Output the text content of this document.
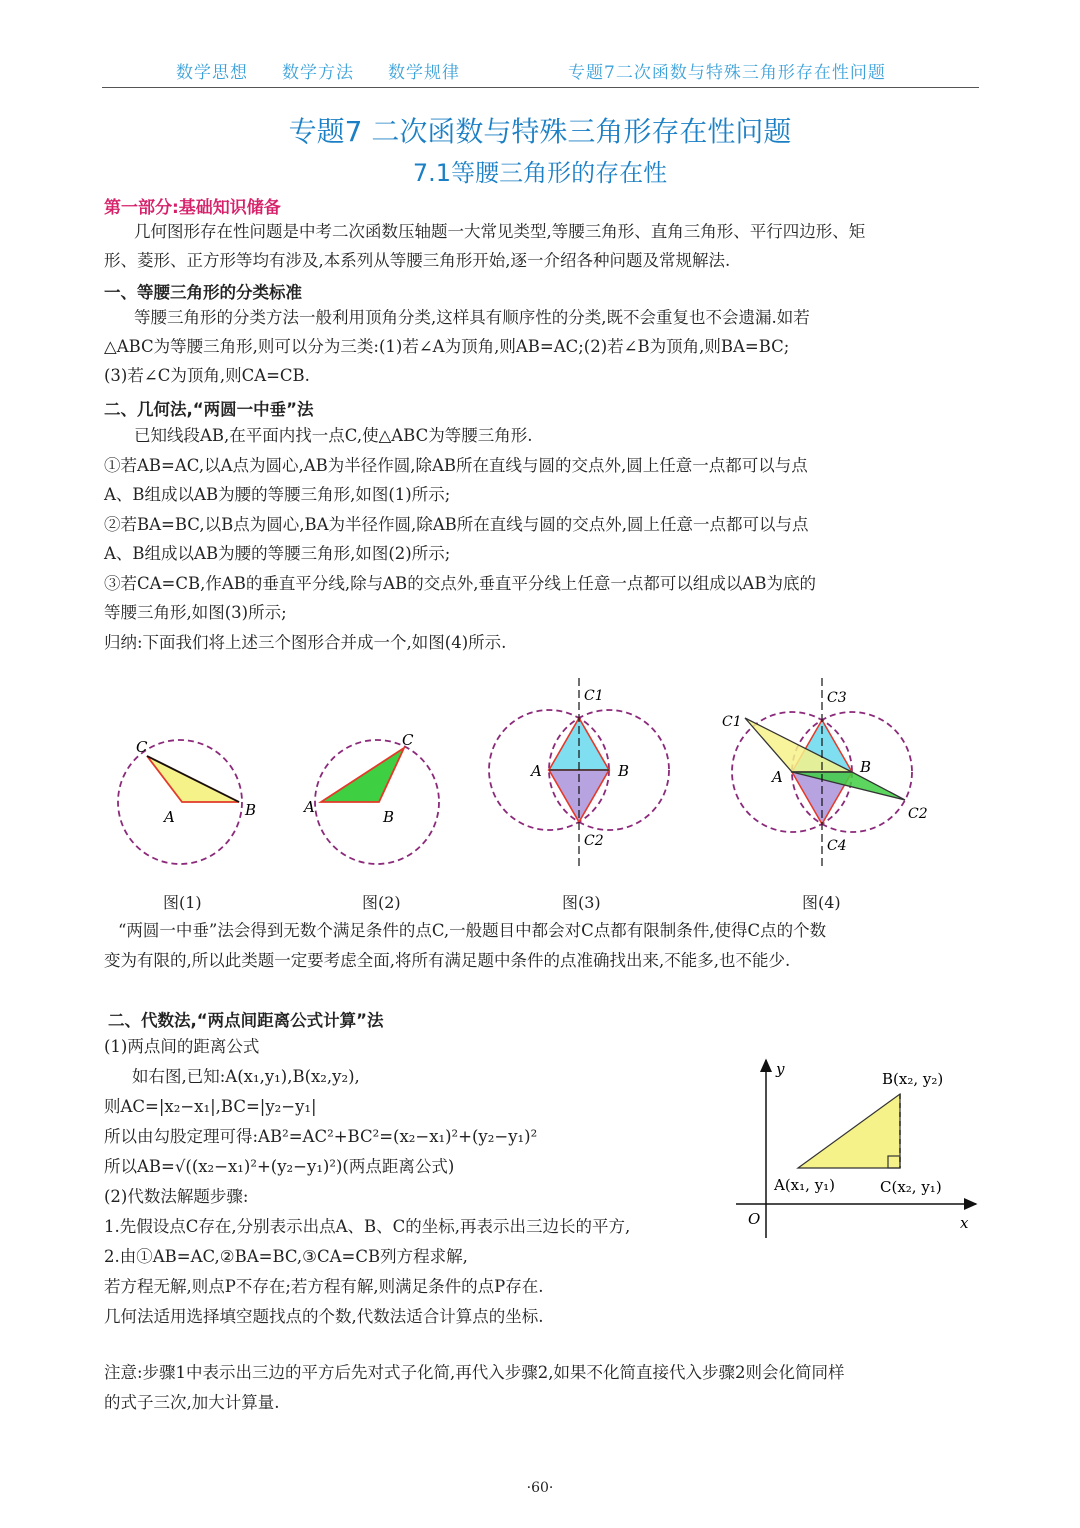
数学思想 数学方法 数学规律	专题7二次函数与特殊三角形存在性问题
专题7 二次函数与特殊三角形存在性问题
7.1等腰三角形的存在性
第一部分:基础知识储备
几何图形存在性问题是中考二次函数压轴题一大常见类型,等腰三角形、直角三角形、平行四边形、矩
形、菱形、正方形等均有涉及,本系列从等腰三角形开始,逐一介绍各种问题及常规解法.
一、等腰三角形的分类标准
等腰三角形的分类方法一般利用顶角分类,这样具有顺序性的分类,既不会重复也不会遗漏.如若
△ABC为等腰三角形,则可以分为三类:(1)若∠A为顶角,则AB=AC;(2)若∠B为顶角,则BA=BC;
(3)若∠C为顶角,则CA=CB.
二、几何法,“两圆一中垂”法
已知线段AB,在平面内找一点C,使△ABC为等腰三角形.
①若AB=AC,以A点为圆心,AB为半径作圆,除AB所在直线与圆的交点外,圆上任意一点都可以与点
A、B组成以AB为腰的等腰三角形,如图(1)所示;
②若BA=BC,以B点为圆心,BA为半径作圆,除AB所在直线与圆的交点外,圆上任意一点都可以与点
A、B组成以AB为腰的等腰三角形,如图(2)所示;
③若CA=CB,作AB的垂直平分线,除与AB的交点外,垂直平分线上任意一点都可以组成以AB为底的
等腰三角形,如图(3)所示;
归纳:下面我们将上述三个图形合并成一个,如图(4)所示.
C
A	B
C
A
B
C1
A	B
C2
C1
C3
A
B
C2
C4
图(1)	图(2)	图(3)	图(4)
“两圆一中垂”法会得到无数个满足条件的点C,一般题目中都会对C点都有限制条件,使得C点的个数
变为有限的,所以此类题一定要考虑全面,将所有满足题中条件的点准确找出来,不能多,也不能少.
二、代数法,“两点间距离公式计算”法
(1)两点间的距离公式
如右图,已知:A(x₁,y₁),B(x₂,y₂),
则AC=|x₂−x₁|,BC=|y₂−y₁|
所以由勾股定理可得:AB²=AC²+BC²=(x₂−x₁)²+(y₂−y₁)²
所以AB=√((x₂−x₁)²+(y₂−y₁)²)(两点距离公式)
(2)代数法解题步骤:
1.先假设点C存在,分别表示出点A、B、C的坐标,再表示出三边长的平方,
2.由①AB=AC,②BA=BC,③CA=CB列方程求解,
若方程无解,则点P不存在;若方程有解,则满足条件的点P存在.
几何法适用选择填空题找点的个数,代数法适合计算点的坐标.
y
x
O
B(x₂, y₂)
A(x₁, y₁)	C(x₂, y₁)
注意:步骤1中表示出三边的平方后先对式子化简,再代入步骤2,如果不化简直接代入步骤2则会化简同样
的式子三次,加大计算量.
·60·
